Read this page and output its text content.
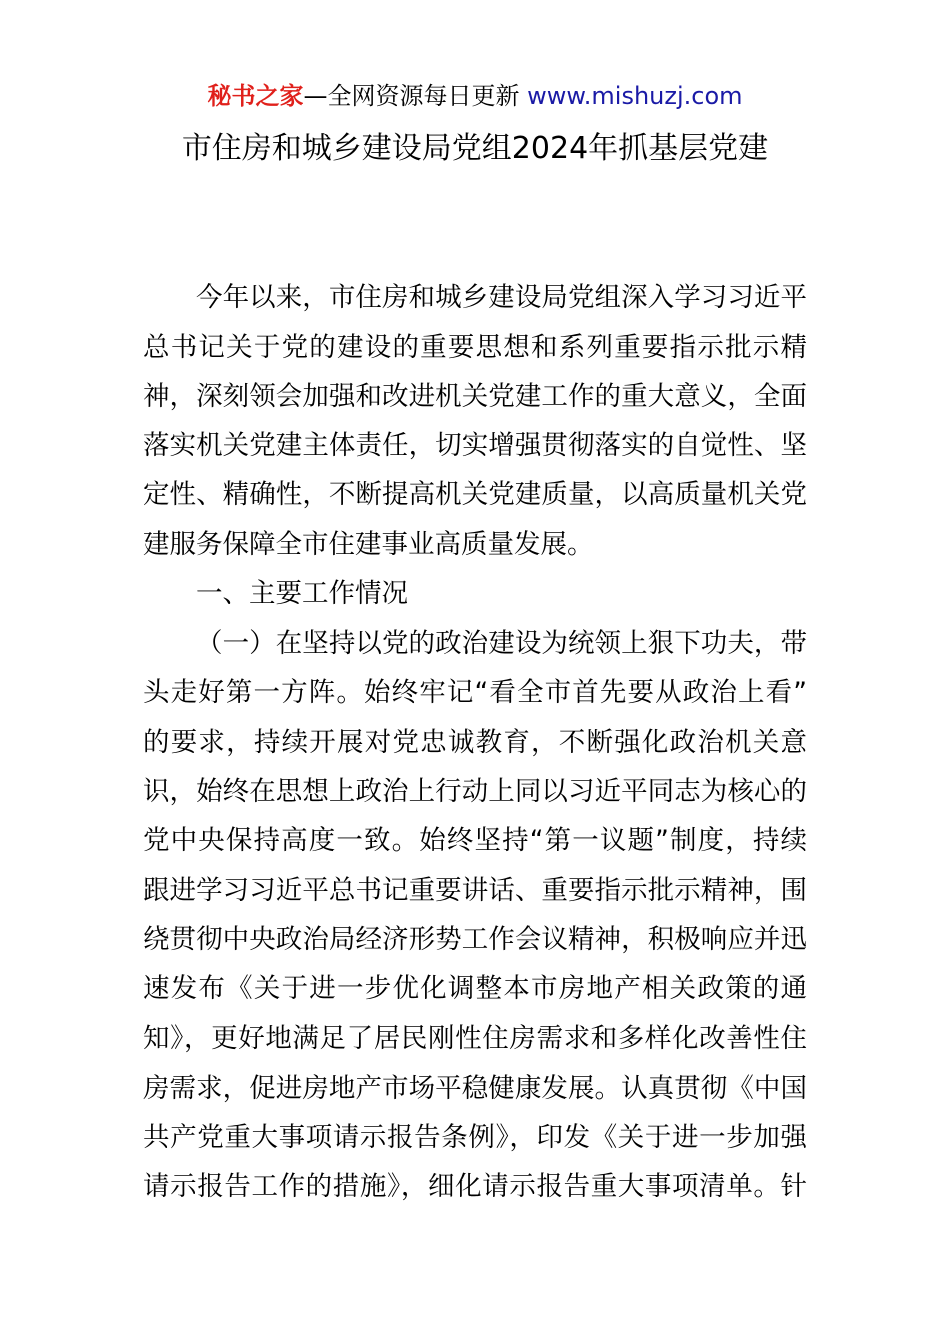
秘书之家—全网资源每日更新 www.mishuzj.com
市住房和城乡建设局党组2024年抓基层党建
今年以来，市住房和城乡建设局党组深入学习习近平
总书记关于党的建设的重要思想和系列重要指示批示精
神，深刻领会加强和改进机关党建工作的重大意义，全面
落实机关党建主体责任，切实增强贯彻落实的自觉性、坚
定性、精确性，不断提高机关党建质量，以高质量机关党
建服务保障全市住建事业高质量发展。
一、主要工作情况
（一）在坚持以党的政治建设为统领上狠下功夫，带
头走好第一方阵。始终牢记“看全市首先要从政治上看”
的要求，持续开展对党忠诚教育，不断强化政治机关意
识，始终在思想上政治上行动上同以习近平同志为核心的
党中央保持高度一致。始终坚持“第一议题”制度，持续
跟进学习习近平总书记重要讲话、重要指示批示精神，围
绕贯彻中央政治局经济形势工作会议精神，积极响应并迅
速发布《关于进一步优化调整本市房地产相关政策的通
知》，更好地满足了居民刚性住房需求和多样化改善性住
房需求，促进房地产市场平稳健康发展。认真贯彻《中国
共产党重大事项请示报告条例》，印发《关于进一步加强
请示报告工作的措施》，细化请示报告重大事项清单。针
